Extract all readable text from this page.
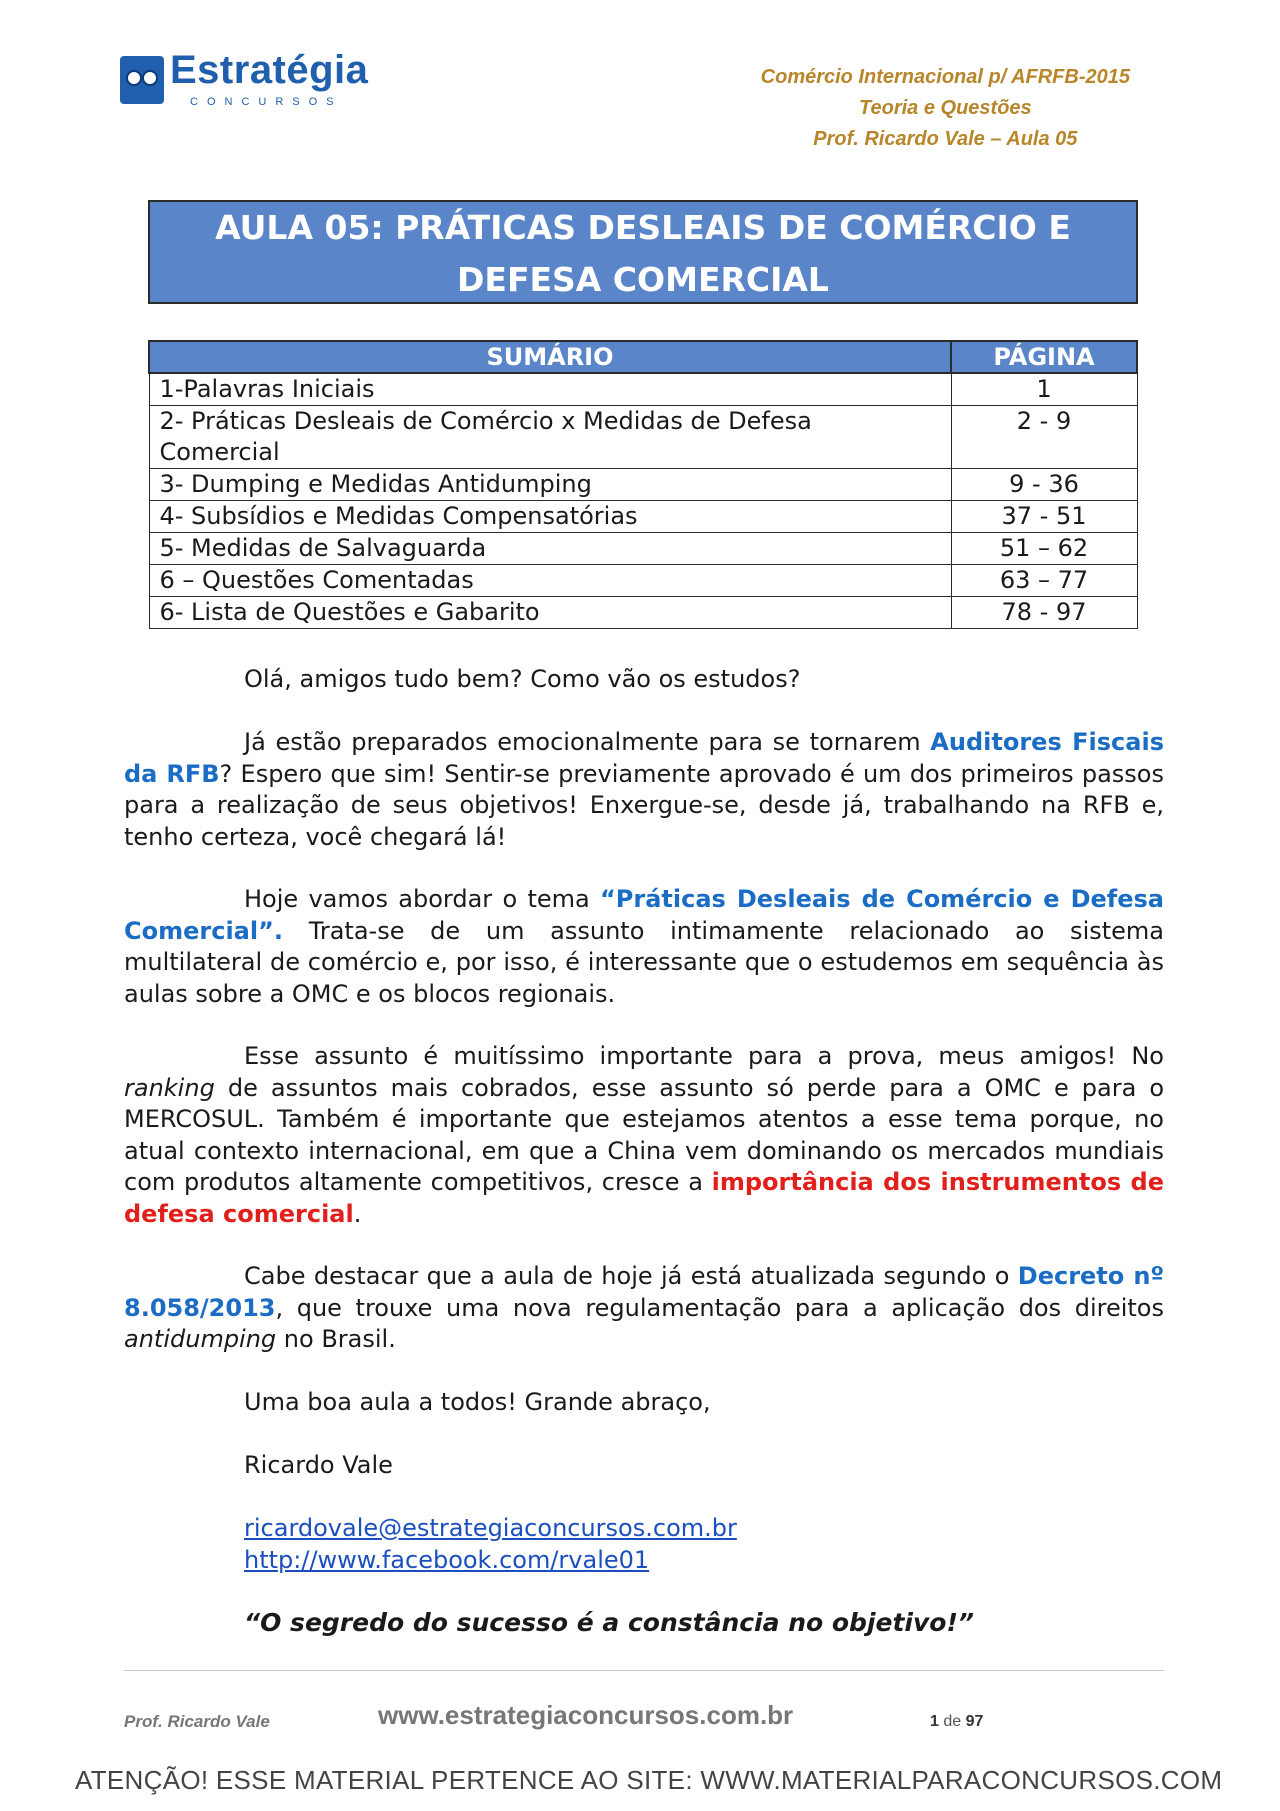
Estratégia
CONCURSOS
Comércio Internacional p/ AFRFB-2015
Teoria e Questões
Prof. Ricardo Vale – Aula 05
AULA 05: PRÁTICAS DESLEAIS DE COMÉRCIO E
DEFESA COMERCIAL
SUMÁRIO	PÁGINA
1-Palavras Iniciais	1
2- Práticas Desleais de Comércio x Medidas de Defesa Comercial	2 - 9
3- Dumping e Medidas Antidumping	9 - 36
4- Subsídios e Medidas Compensatórias	37 - 51
5- Medidas de Salvaguarda	51 – 62
6 – Questões Comentadas	63 – 77
6- Lista de Questões e Gabarito	78 - 97
Olá, amigos tudo bem? Como vão os estudos?
Já estão preparados emocionalmente para se tornarem Auditores Fiscais da RFB? Espero que sim! Sentir-se previamente aprovado é um dos primeiros passos para a realização de seus objetivos! Enxergue-se, desde já, trabalhando na RFB e, tenho certeza, você chegará lá!
Hoje vamos abordar o tema “Práticas Desleais de Comércio e Defesa Comercial”. Trata-se de um assunto intimamente relacionado ao sistema multilateral de comércio e, por isso, é interessante que o estudemos em sequência às aulas sobre a OMC e os blocos regionais.
Esse assunto é muitíssimo importante para a prova, meus amigos! No ranking de assuntos mais cobrados, esse assunto só perde para a OMC e para o MERCOSUL. Também é importante que estejamos atentos a esse tema porque, no atual contexto internacional, em que a China vem dominando os mercados mundiais com produtos altamente competitivos, cresce a importância dos instrumentos de defesa comercial.
Cabe destacar que a aula de hoje já está atualizada segundo o Decreto nº 8.058/2013, que trouxe uma nova regulamentação para a aplicação dos direitos antidumping no Brasil.
Uma boa aula a todos! Grande abraço,
Ricardo Vale
ricardovale@estrategiaconcursos.com.br
http://www.facebook.com/rvale01
“O segredo do sucesso é a constância no objetivo!”
Prof. Ricardo Vale	www.estrategiaconcursos.com.br	1 de 97
ATENÇÃO! ESSE MATERIAL PERTENCE AO SITE: WWW.MATERIALPARACONCURSOS.COM
